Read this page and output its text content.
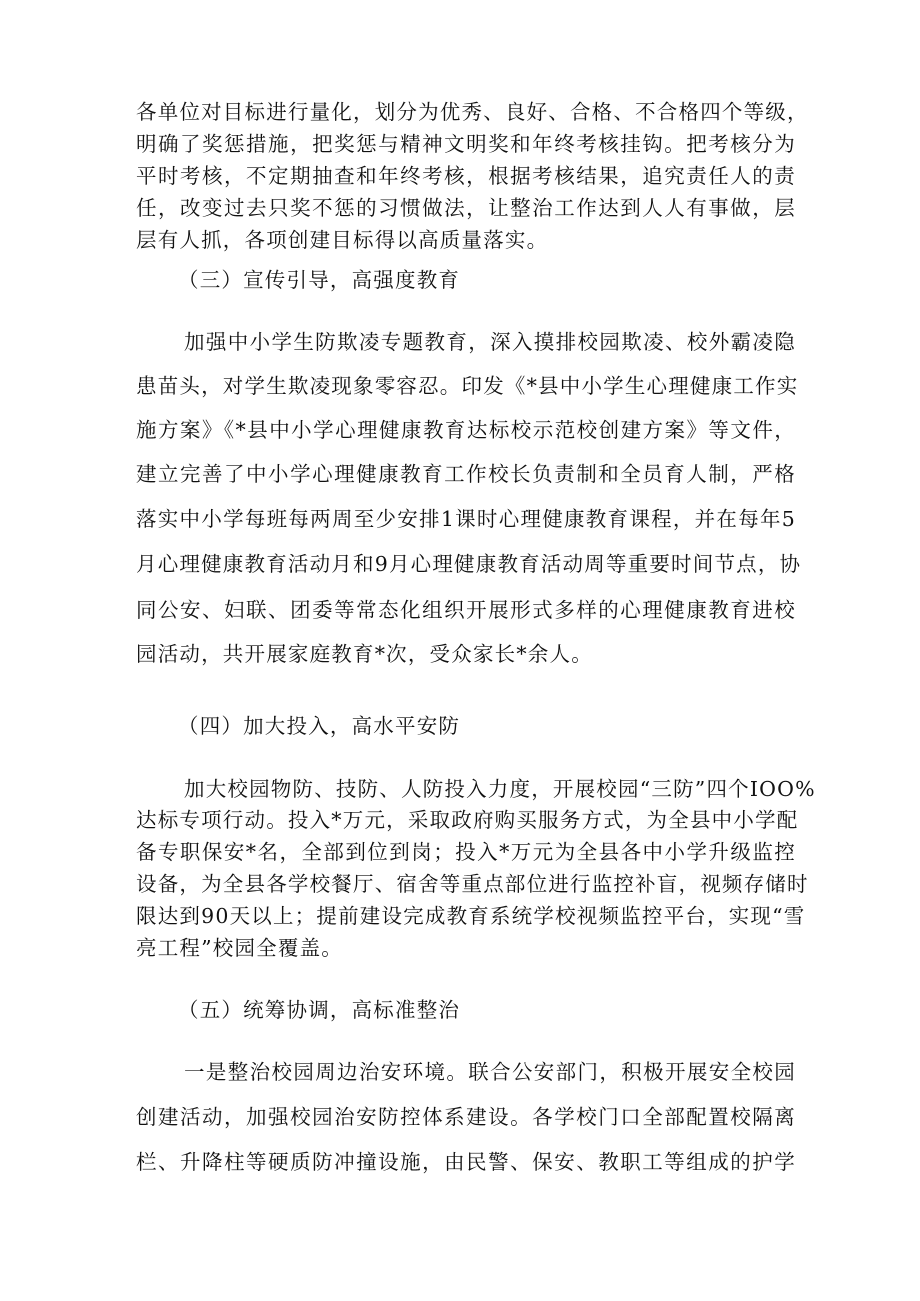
各单位对目标进行量化，划分为优秀、良好、合格、不合格四个等级，

明确了奖惩措施，把奖惩与精神文明奖和年终考核挂钩。把考核分为

平时考核，不定期抽查和年终考核，根据考核结果，追究责任人的责

任，改变过去只奖不惩的习惯做法，让整治工作达到人人有事做，层

层有人抓，各项创建目标得以高质量落实。

（三）宣传引导，高强度教育

加强中小学生防欺凌专题教育，深入摸排校园欺凌、校外霸凌隐

患苗头，对学生欺凌现象零容忍。印发《*县中小学生心理健康工作实

施方案》《*县中小学心理健康教育达标校示范校创建方案》等文件，

建立完善了中小学心理健康教育工作校长负责制和全员育人制，严格

落实中小学每班每两周至少安排1课时心理健康教育课程，并在每年5

月心理健康教育活动月和9月心理健康教育活动周等重要时间节点，协

同公安、妇联、团委等常态化组织开展形式多样的心理健康教育进校

园活动，共开展家庭教育*次，受众家长*余人。

（四）加大投入，高水平安防

加大校园物防、技防、人防投入力度，开展校园“三防”四个IOO%

达标专项行动。投入*万元，采取政府购买服务方式，为全县中小学配

备专职保安*名，全部到位到岗；投入*万元为全县各中小学升级监控

设备，为全县各学校餐厅、宿舍等重点部位进行监控补盲，视频存储时

限达到90天以上；提前建设完成教育系统学校视频监控平台，实现“雪

亮工程”校园全覆盖。

（五）统筹协调，高标准整治

一是整治校园周边治安环境。联合公安部门，积极开展安全校园

创建活动，加强校园治安防控体系建设。各学校门口全部配置校隔离

栏、升降柱等硬质防冲撞设施，由民警、保安、教职工等组成的护学
